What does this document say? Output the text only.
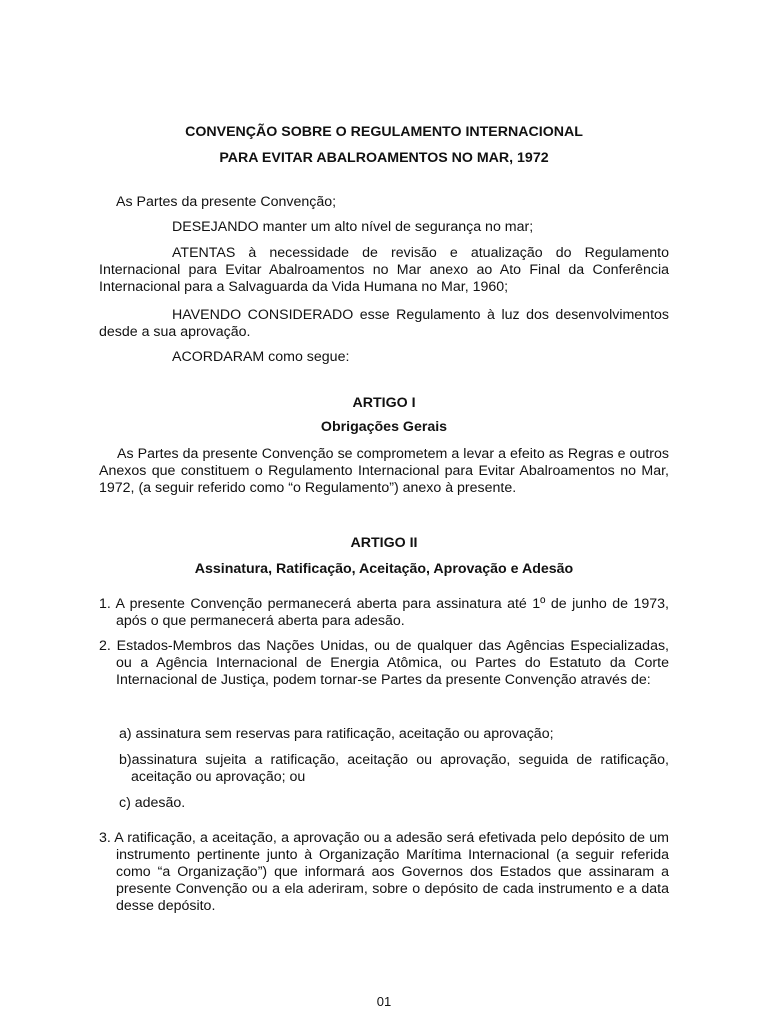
CONVENÇÃO SOBRE O REGULAMENTO INTERNACIONAL
PARA EVITAR ABALROAMENTOS NO MAR, 1972
As Partes da presente Convenção;
DESEJANDO manter um alto nível de segurança no mar;
ATENTAS à necessidade de revisão e atualização do Regulamento Internacional para Evitar Abalroamentos no Mar anexo ao Ato Final da Conferência Internacional para a Salvaguarda da Vida Humana no Mar, 1960;
HAVENDO CONSIDERADO esse Regulamento à luz dos desenvolvimentos desde a sua aprovação.
ACORDARAM como segue:
ARTIGO I
Obrigações Gerais
As Partes da presente Convenção se comprometem a levar a efeito as Regras e outros Anexos que constituem o Regulamento Internacional para Evitar Abalroamentos no Mar, 1972, (a seguir referido como “o Regulamento”) anexo à presente.
ARTIGO II
Assinatura, Ratificação, Aceitação, Aprovação e Adesão
1. A presente Convenção permanecerá aberta para assinatura até 1º de junho de 1973, após o que permanecerá aberta para adesão.
2. Estados-Membros das Nações Unidas, ou de qualquer das Agências Especializadas, ou a Agência Internacional de Energia Atômica, ou Partes do Estatuto da Corte Internacional de Justiça, podem tornar-se Partes da presente Convenção através de:
a) assinatura sem reservas para ratificação, aceitação ou aprovação;
b)assinatura sujeita a ratificação, aceitação ou aprovação, seguida de ratificação, aceitação ou aprovação; ou
c) adesão.
3. A ratificação, a aceitação, a aprovação ou a adesão será efetivada pelo depósito de um instrumento pertinente junto à Organização Marítima Internacional (a seguir referida como “a Organização”) que informará aos Governos dos Estados que assinaram a presente Convenção ou a ela aderiram, sobre o depósito de cada instrumento e a data desse depósito.
01
